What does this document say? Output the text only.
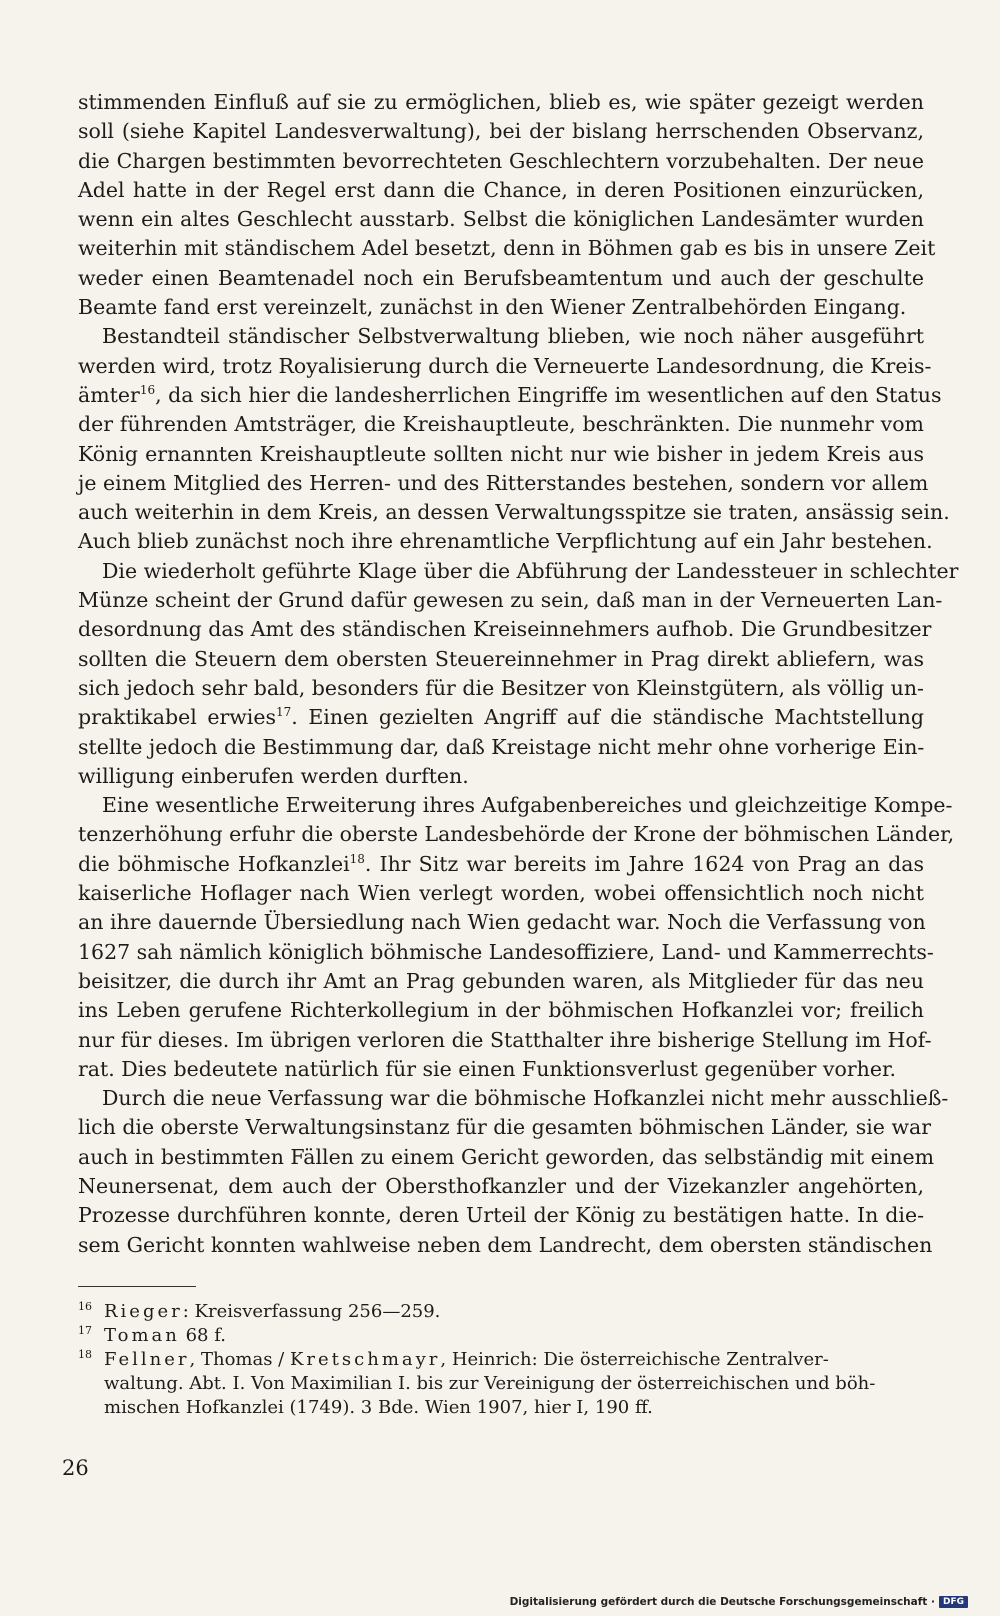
stimmenden Einfluß auf sie zu ermöglichen, blieb es, wie später gezeigt werden
soll (siehe Kapitel Landesverwaltung), bei der bislang herrschenden Observanz,
die Chargen bestimmten bevorrechteten Geschlechtern vorzubehalten. Der neue
Adel hatte in der Regel erst dann die Chance, in deren Positionen einzurücken,
wenn ein altes Geschlecht ausstarb. Selbst die königlichen Landesämter wurden
weiterhin mit ständischem Adel besetzt, denn in Böhmen gab es bis in unsere Zeit
weder einen Beamtenadel noch ein Berufsbeamtentum und auch der geschulte
Beamte fand erst vereinzelt, zunächst in den Wiener Zentralbehörden Eingang.
Bestandteil ständischer Selbstverwaltung blieben, wie noch näher ausgeführt
werden wird, trotz Royalisierung durch die Verneuerte Landesordnung, die Kreis-
ämter$^{16}$, da sich hier die landesherrlichen Eingriffe im wesentlichen auf den Status
der führenden Amtsträger, die Kreishauptleute, beschränkten. Die nunmehr vom
König ernannten Kreishauptleute sollten nicht nur wie bisher in jedem Kreis aus
je einem Mitglied des Herren- und des Ritterstandes bestehen, sondern vor allem
auch weiterhin in dem Kreis, an dessen Verwaltungsspitze sie traten, ansässig sein.
Auch blieb zunächst noch ihre ehrenamtliche Verpflichtung auf ein Jahr bestehen.
Die wiederholt geführte Klage über die Abführung der Landessteuer in schlechter
Münze scheint der Grund dafür gewesen zu sein, daß man in der Verneuerten Lan-
desordnung das Amt des ständischen Kreiseinnehmers aufhob. Die Grundbesitzer
sollten die Steuern dem obersten Steuereinnehmer in Prag direkt abliefern, was
sich jedoch sehr bald, besonders für die Besitzer von Kleinstgütern, als völlig un-
praktikabel erwies$^{17}$. Einen gezielten Angriff auf die ständische Machtstellung
stellte jedoch die Bestimmung dar, daß Kreistage nicht mehr ohne vorherige Ein-
willigung einberufen werden durften.
Eine wesentliche Erweiterung ihres Aufgabenbereiches und gleichzeitige Kompe-
tenzerhöhung erfuhr die oberste Landesbehörde der Krone der böhmischen Länder,
die böhmische Hofkanzlei$^{18}$. Ihr Sitz war bereits im Jahre 1624 von Prag an das
kaiserliche Hoflager nach Wien verlegt worden, wobei offensichtlich noch nicht
an ihre dauernde Übersiedlung nach Wien gedacht war. Noch die Verfassung von
1627 sah nämlich königlich böhmische Landesoffiziere, Land- und Kammerrechts-
beisitzer, die durch ihr Amt an Prag gebunden waren, als Mitglieder für das neu
ins Leben gerufene Richterkollegium in der böhmischen Hofkanzlei vor; freilich
nur für dieses. Im übrigen verloren die Statthalter ihre bisherige Stellung im Hof-
rat. Dies bedeutete natürlich für sie einen Funktionsverlust gegenüber vorher.
Durch die neue Verfassung war die böhmische Hofkanzlei nicht mehr ausschließ-
lich die oberste Verwaltungsinstanz für die gesamten böhmischen Länder, sie war
auch in bestimmten Fällen zu einem Gericht geworden, das selbständig mit einem
Neunersenat, dem auch der Obersthofkanzler und der Vizekanzler angehörten,
Prozesse durchführen konnte, deren Urteil der König zu bestätigen hatte. In die-
sem Gericht konnten wahlweise neben dem Landrecht, dem obersten ständischen

16 Rieger: Kreisverfassung 256—259.

17 Toman 68 f.

18 Fellner, Thomas / Kretschmayr, Heinrich: Die österreichische Zentralver-
waltung. Abt. I. Von Maximilian I. bis zur Vereinigung der österreichischen und böh-
mischen Hofkanzlei (1749). 3 Bde. Wien 1907, hier I, 190 ff.

26
Digitalisierung gefördert durch die Deutsche Forschungsgemeinschaft · DFG
